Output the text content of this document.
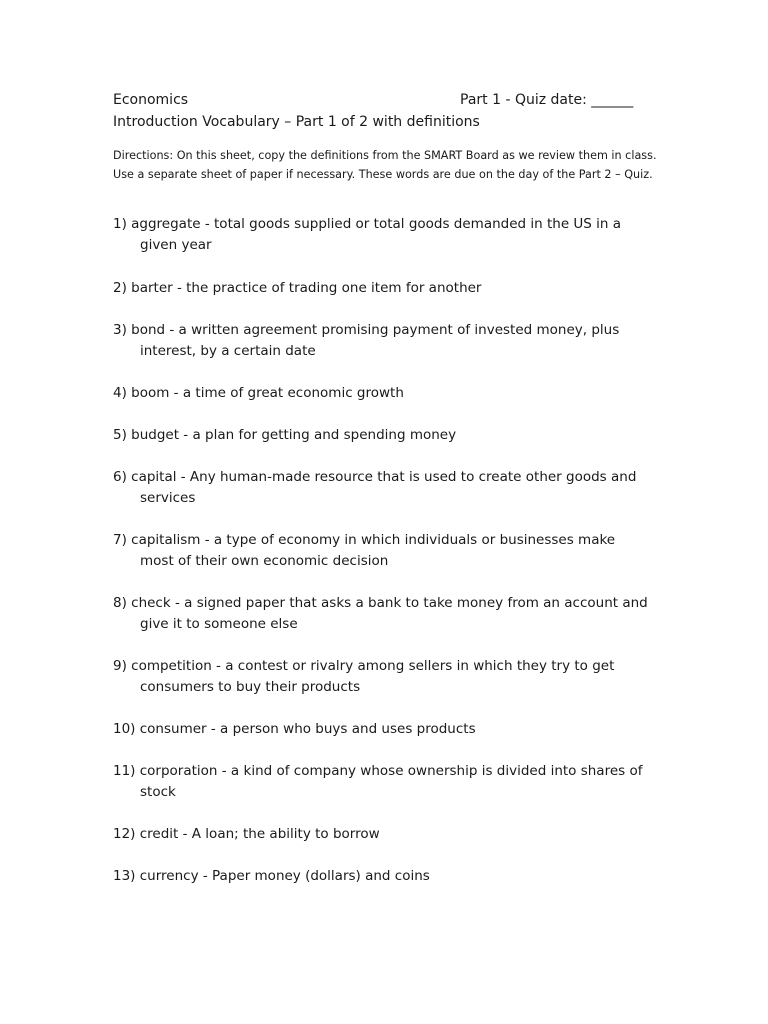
Economics	Part 1 - Quiz date: ______
Introduction Vocabulary – Part 1 of 2 with definitions
Directions: On this sheet, copy the definitions from the SMART Board as we review them in class. Use a separate sheet of paper if necessary. These words are due on the day of the Part 2 – Quiz.
1) aggregate - total goods supplied or total goods demanded in the US in a given year
2) barter - the practice of trading one item for another
3) bond - a written agreement promising payment of invested money, plus interest, by a certain date
4) boom - a time of great economic growth
5) budget - a plan for getting and spending money
6) capital - Any human-made resource that is used to create other goods and services
7) capitalism - a type of economy in which individuals or businesses make most of their own economic decision
8) check - a signed paper that asks a bank to take money from an account and give it to someone else
9) competition - a contest or rivalry among sellers in which they try to get consumers to buy their products
10) consumer - a person who buys and uses products
11) corporation - a kind of company whose ownership is divided into shares of stock
12) credit - A loan; the ability to borrow
13) currency - Paper money (dollars) and coins
